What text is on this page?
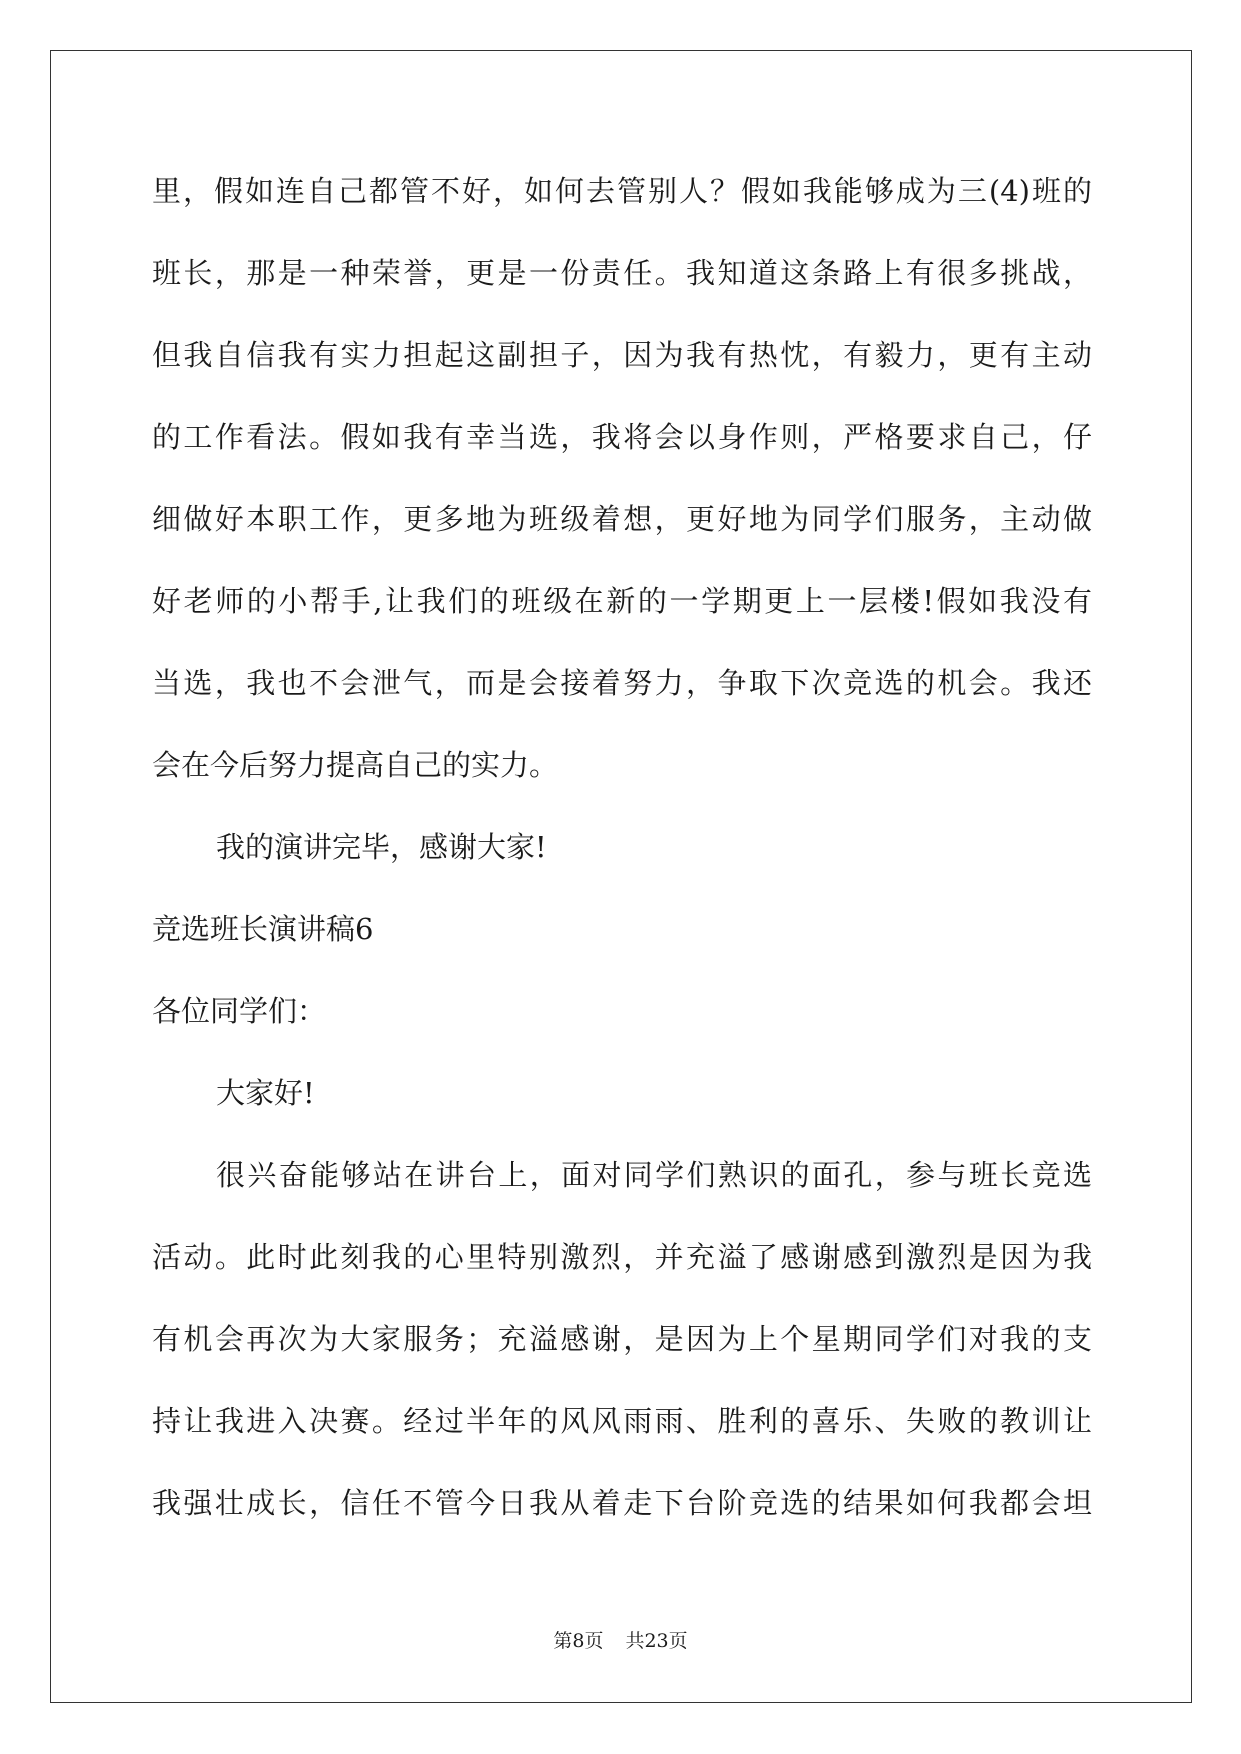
里，假如连自己都管不好，如何去管别人？假如我能够成为三(4)班的
班长，那是一种荣誉，更是一份责任。我知道这条路上有很多挑战，
但我自信我有实力担起这副担子，因为我有热忱，有毅力，更有主动
的工作看法。假如我有幸当选，我将会以身作则，严格要求自己，仔
细做好本职工作，更多地为班级着想，更好地为同学们服务，主动做
好老师的小帮手,让我们的班级在新的一学期更上一层楼!假如我没有
当选，我也不会泄气，而是会接着努力，争取下次竞选的机会。我还
会在今后努力提高自己的实力。
我的演讲完毕，感谢大家!
竞选班长演讲稿6
各位同学们：
大家好!
很兴奋能够站在讲台上，面对同学们熟识的面孔，参与班长竞选
活动。此时此刻我的心里特别激烈，并充溢了感谢感到激烈是因为我
有机会再次为大家服务；充溢感谢，是因为上个星期同学们对我的支
持让我进入决赛。经过半年的风风雨雨、胜利的喜乐、失败的教训让
我强壮成长，信任不管今日我从着走下台阶竞选的结果如何我都会坦
第8页 共23页
